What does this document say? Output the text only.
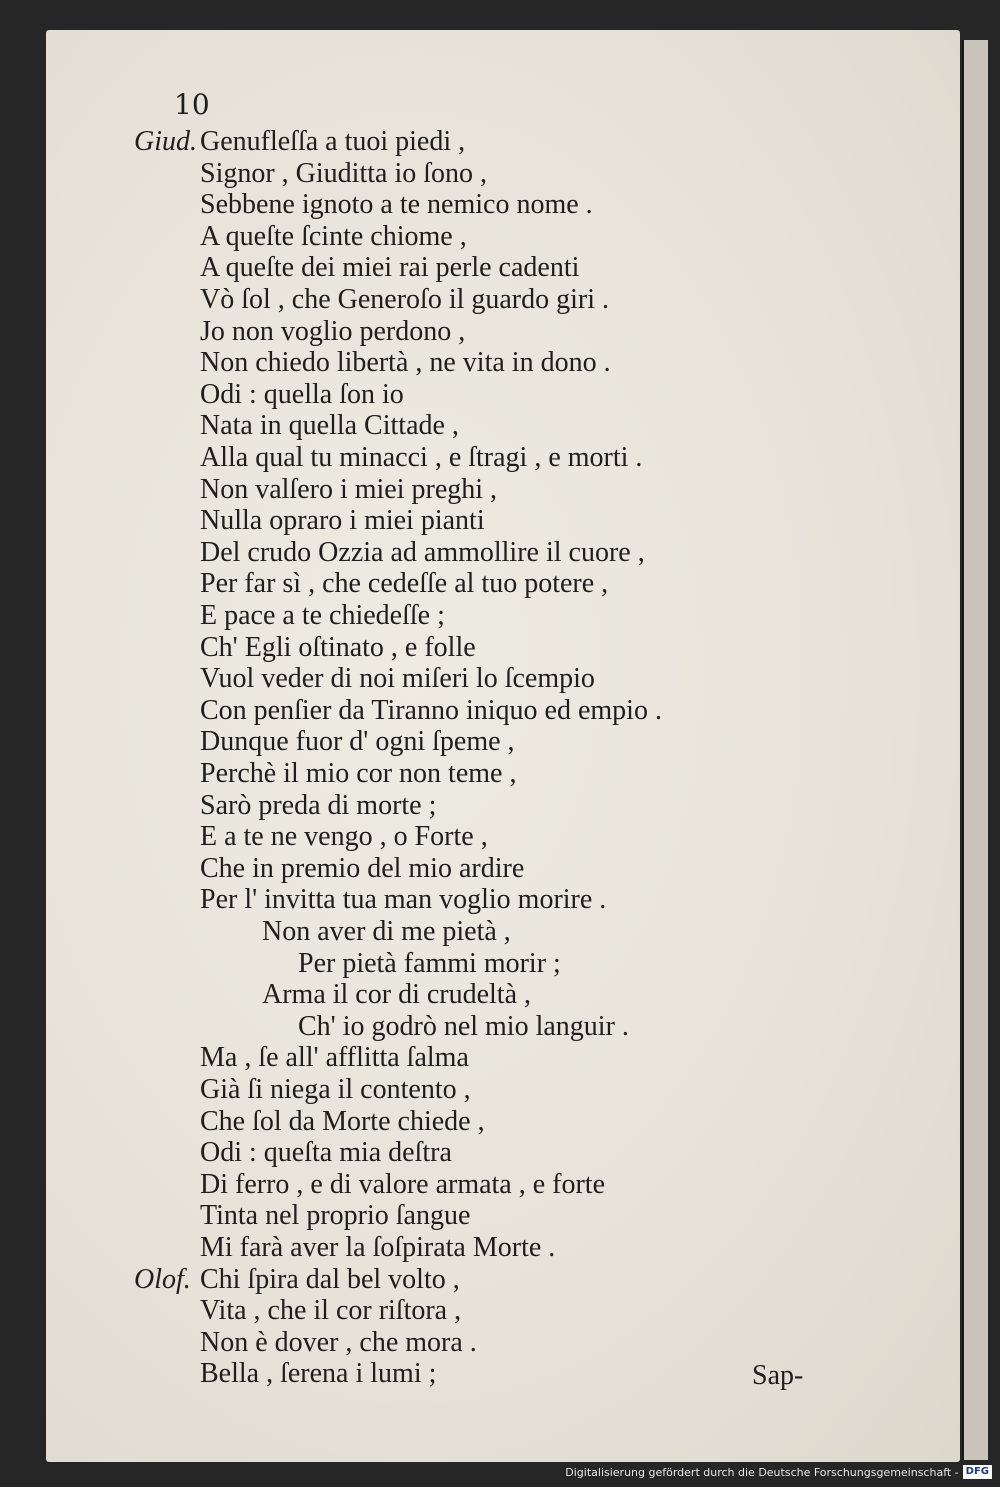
10
Giud. Genufleſſa a tuoi piedi ,
Signor , Giuditta io ſono ,
Sebbene ignoto a te nemico nome .
A queſte ſcinte chiome ,
A queſte dei miei rai perle cadenti
Vò ſol , che Generoſo il guardo giri .
Jo non voglio perdono ,
Non chiedo libertà , ne vita in dono .
Odi : quella ſon io
Nata in quella Cittade ,
Alla qual tu minacci , e ſtragi , e morti .
Non valſero i miei preghi ,
Nulla opraro i miei pianti
Del crudo Ozzia ad ammollire il cuore ,
Per far sì , che cedeſſe al tuo potere ,
E pace a te chiedeſſe ;
Ch' Egli oſtinato , e folle
Vuol veder di noi miſeri lo ſcempio
Con penſier da Tiranno iniquo ed empio .
Dunque fuor d' ogni ſpeme ,
Perchè il mio cor non teme ,
Sarò preda di morte ;
E a te ne vengo , o Forte ,
Che in premio del mio ardire
Per l' invitta tua man voglio morire .
Non aver di me pietà ,
Per pietà fammi morir ;
Arma il cor di crudeltà ,
Ch' io godrò nel mio languir .
Ma , ſe all' afflitta ſalma
Già ſi niega il contento ,
Che ſol da Morte chiede ,
Odi : queſta mia deſtra
Di ferro , e di valore armata , e forte
Tinta nel proprio ſangue
Mi farà aver la ſoſpirata Morte .
Olof. Chi ſpira dal bel volto ,
Vita , che il cor riſtora ,
Non è dover , che mora .
Bella , ſerena i lumi ;	Sap-
Digitalisierung gefördert durch die Deutsche Forschungsgemeinschaft - DFG
